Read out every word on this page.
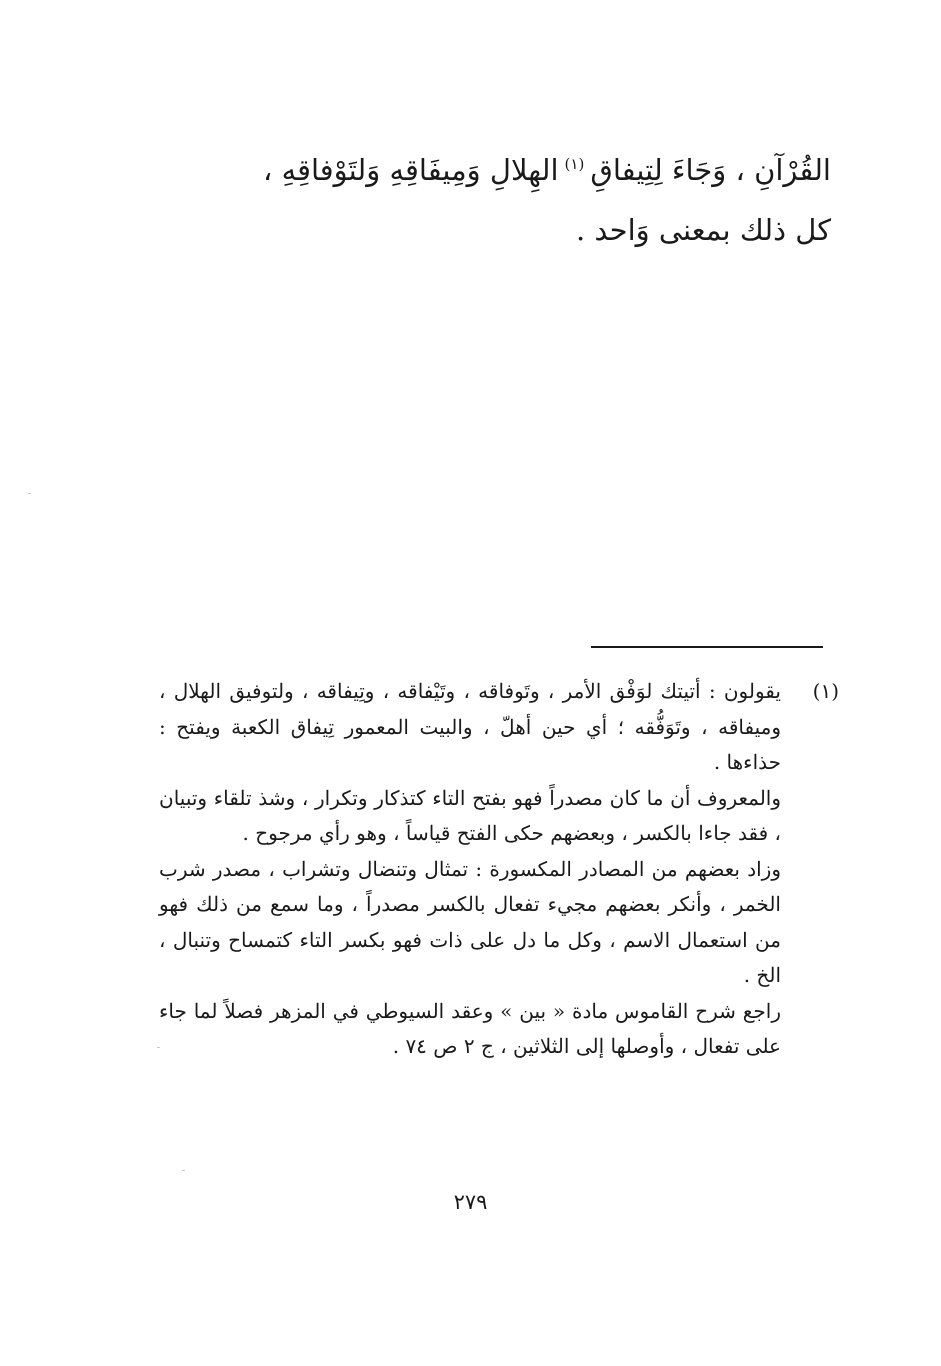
القُرْآنِ ، وَجَاءَ لِتِيفاقِ$^{(١)}$الهِلالِ وَمِيفَاقِهِ وَلتَوْفاقِهِ ،

كل ذلك بمعنى وَاحد .

(١)

يقولون : أتيتك لوَفْق الأمر ، وتَوفاقه ، وتَيْفاقه ، وتِيفاقه ، ولتوفيق الهلال ، وميفاقه ، وتَوَفُّقه ؛ أي حين أهلّ ، والبيت المعمور تِيفاق الكعبة ويفتح : حذاءها .

والمعروف أن ما كان مصدراً فهو بفتح التاء كتذكار وتكرار ، وشذ تلقاء وتبيان ، فقد جاءا بالكسر ، وبعضهم حكى الفتح قياساً ، وهو رأي مرجوح .

وزاد بعضهم من المصادر المكسورة : تمثال وتنضال وتشراب ، مصدر شرب الخمر ، وأنكر بعضهم مجيء تفعال بالكسر مصدراً ، وما سمع من ذلك فهو من استعمال الاسم ، وكل ما دل على ذات فهو بكسر التاء كتمساح وتنبال ، الخ .

راجع شرح القاموس مادة « بين » وعقد السيوطي في المزهر فصلاً لما جاء على تفعال ، وأوصلها إلى الثلاثين ، ج ٢ ص ٧٤ .

٢٧٩
